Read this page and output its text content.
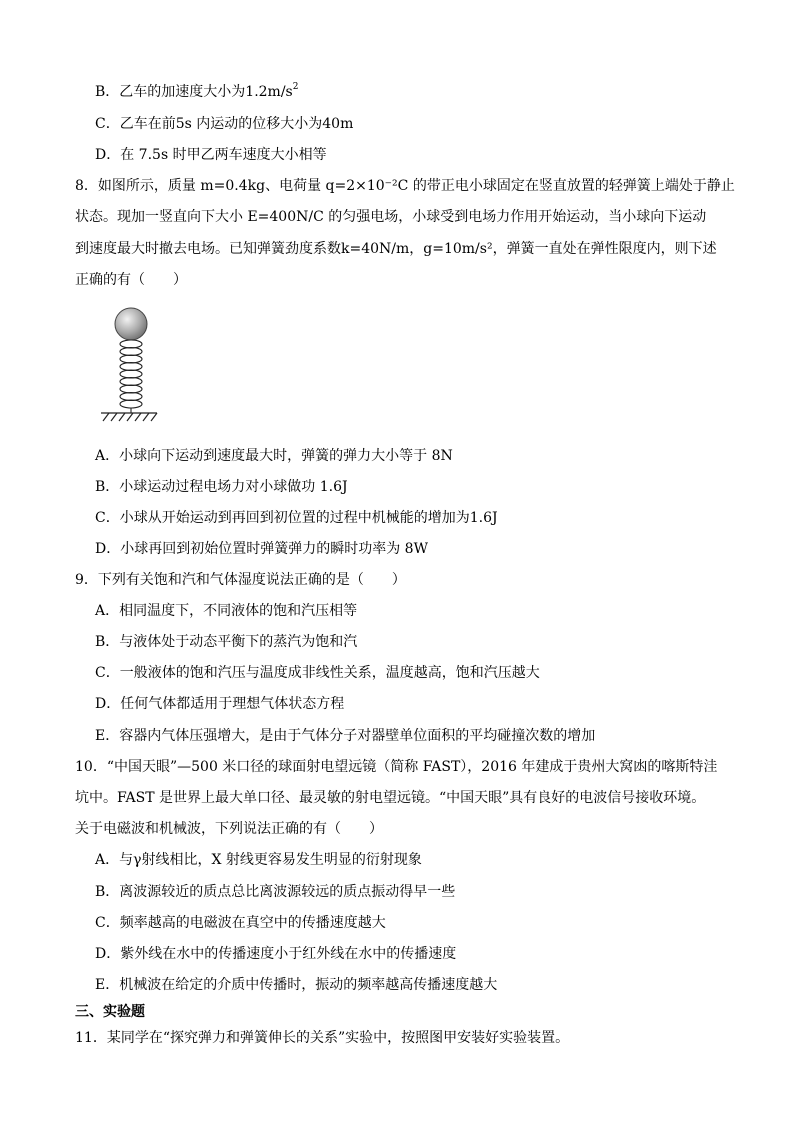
B．乙车的加速度大小为$1.2m/s^2$
C．乙车在前5s 内运动的位移大小为40m
D．在 7.5s 时甲乙两车速度大小相等
8．如图所示，质量 m=0.4kg、电荷量 q=2×10⁻²C 的带正电小球固定在竖直放置的轻弹簧上端处于静止
状态。现加一竖直向下大小 E=400N/C 的匀强电场，小球受到电场力作用开始运动，当小球向下运动
到速度最大时撤去电场。已知弹簧劲度系数k=40N/m，g=10m/s²，弹簧一直处在弹性限度内，则下述
正确的有（　　）
A．小球向下运动到速度最大时，弹簧的弹力大小等于 8N
B．小球运动过程电场力对小球做功 1.6J
C．小球从开始运动到再回到初位置的过程中机械能的增加为1.6J
D．小球再回到初始位置时弹簧弹力的瞬时功率为 8W
9．下列有关饱和汽和气体湿度说法正确的是（　　）
A．相同温度下，不同液体的饱和汽压相等
B．与液体处于动态平衡下的蒸汽为饱和汽
C．一般液体的饱和汽压与温度成非线性关系，温度越高，饱和汽压越大
D．任何气体都适用于理想气体状态方程
E．容器内气体压强增大，是由于气体分子对器壁单位面积的平均碰撞次数的增加
10．“中国天眼”—500 米口径的球面射电望远镜（简称 FAST），2016 年建成于贵州大窝凼的喀斯特洼
坑中。FAST 是世界上最大单口径、最灵敏的射电望远镜。“中国天眼”具有良好的电波信号接收环境。
关于电磁波和机械波，下列说法正确的有（　　）
A．与γ射线相比，X 射线更容易发生明显的衍射现象
B．离波源较近的质点总比离波源较远的质点振动得早一些
C．频率越高的电磁波在真空中的传播速度越大
D．紫外线在水中的传播速度小于红外线在水中的传播速度
E．机械波在给定的介质中传播时，振动的频率越高传播速度越大
三、实验题
11．某同学在“探究弹力和弹簧伸长的关系”实验中，按照图甲安装好实验装置。
